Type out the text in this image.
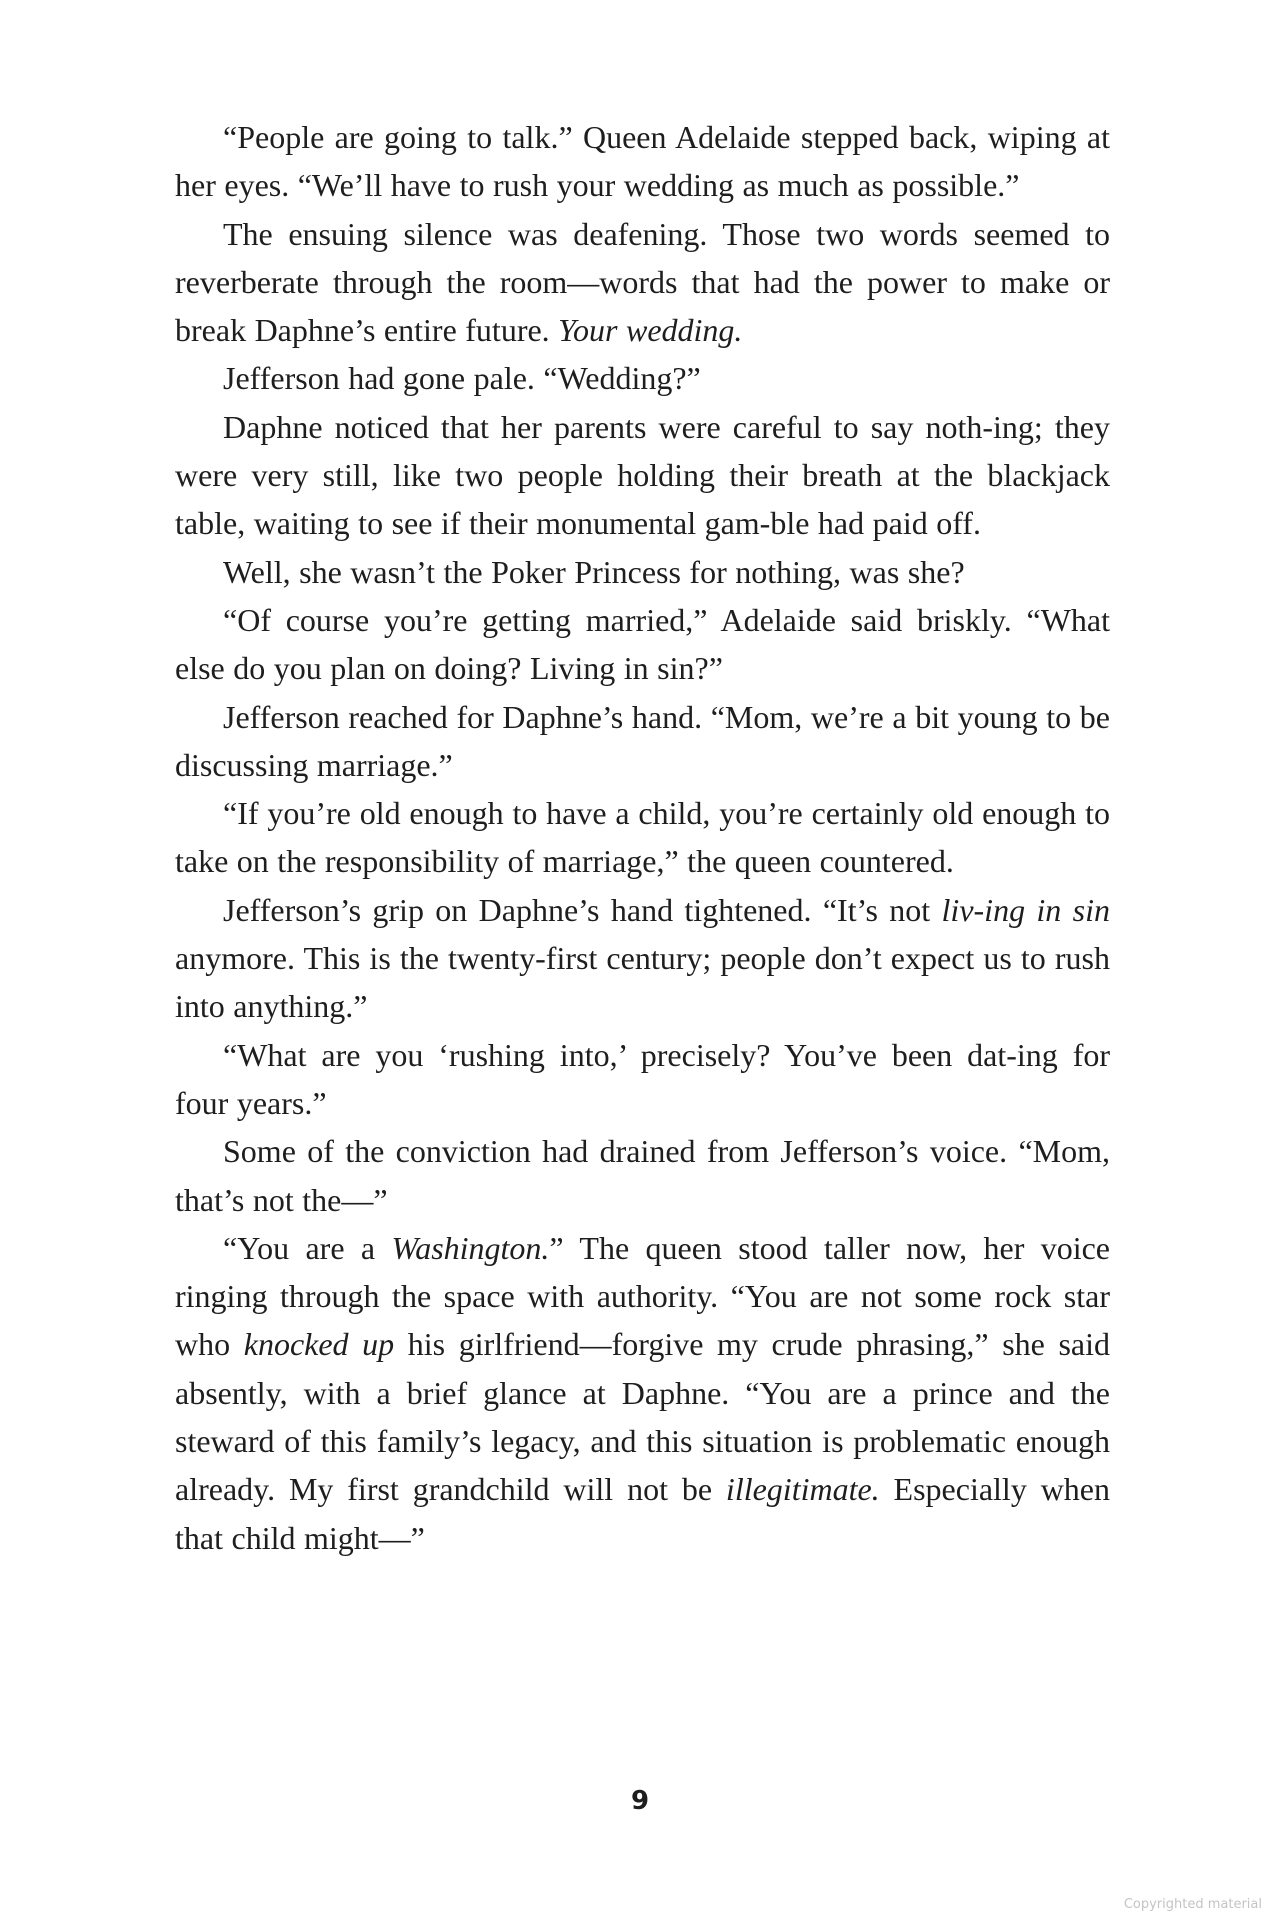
“People are going to talk.” Queen Adelaide stepped back, wiping at her eyes. “We’ll have to rush your wedding as much as possible.”

The ensuing silence was deafening. Those two words seemed to reverberate through the room—words that had the power to make or break Daphne’s entire future. Your wedding.

Jefferson had gone pale. “Wedding?”

Daphne noticed that her parents were careful to say noth-ing; they were very still, like two people holding their breath at the blackjack table, waiting to see if their monumental gam-ble had paid off.

Well, she wasn’t the Poker Princess for nothing, was she?

“Of course you’re getting married,” Adelaide said briskly. “What else do you plan on doing? Living in sin?”

Jefferson reached for Daphne’s hand. “Mom, we’re a bit young to be discussing marriage.”

“If you’re old enough to have a child, you’re certainly old enough to take on the responsibility of marriage,” the queen countered.

Jefferson’s grip on Daphne’s hand tightened. “It’s not liv-ing in sin anymore. This is the twenty-first century; people don’t expect us to rush into anything.”

“What are you ‘rushing into,’ precisely? You’ve been dat-ing for four years.”

Some of the conviction had drained from Jefferson’s voice. “Mom, that’s not the—”

“You are a Washington.” The queen stood taller now, her voice ringing through the space with authority. “You are not some rock star who knocked up his girlfriend—forgive my crude phrasing,” she said absently, with a brief glance at Daphne. “You are a prince and the steward of this family’s legacy, and this situation is problematic enough already. My first grandchild will not be illegitimate. Especially when that child might—”

9
Copyrighted material
